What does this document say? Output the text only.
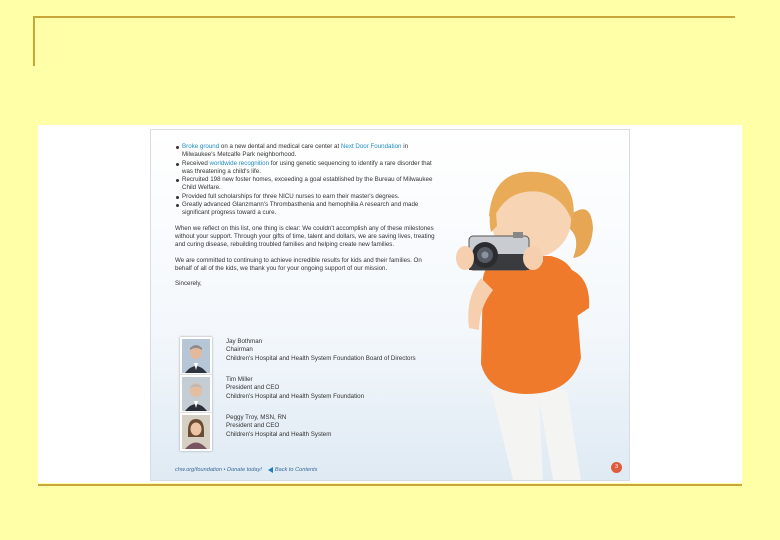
Broke ground on a new dental and medical care center at Next Door Foundation in Milwaukee's Metcalfe Park neighborhood.
Received worldwide recognition for using genetic sequencing to identify a rare disorder that was threatening a child's life.
Recruited 198 new foster homes, exceeding a goal established by the Bureau of Milwaukee Child Welfare.
Provided full scholarships for three NICU nurses to earn their master's degrees.
Greatly advanced Glanzmann's Thrombasthenia and hemophilia A research and made significant progress toward a cure.

When we reflect on this list, one thing is clear: We couldn't accomplish any of these milestones without your support. Through your gifts of time, talent and dollars, we are saving lives, treating and curing disease, rebuilding troubled families and helping create new families.

We are committed to continuing to achieve incredible results for kids and their families. On behalf of all of the kids, we thank you for your ongoing support of our mission.

Sincerely,

Jay Bothman
Chairman
Children's Hospital and Health System Foundation Board of Directors
Tim Miller
President and CEO
Children's Hospital and Health System Foundation
Peggy Troy, MSN, RN
President and CEO
Children's Hospital and Health System
chw.org/foundation • Donate today! Back to Contents	3
